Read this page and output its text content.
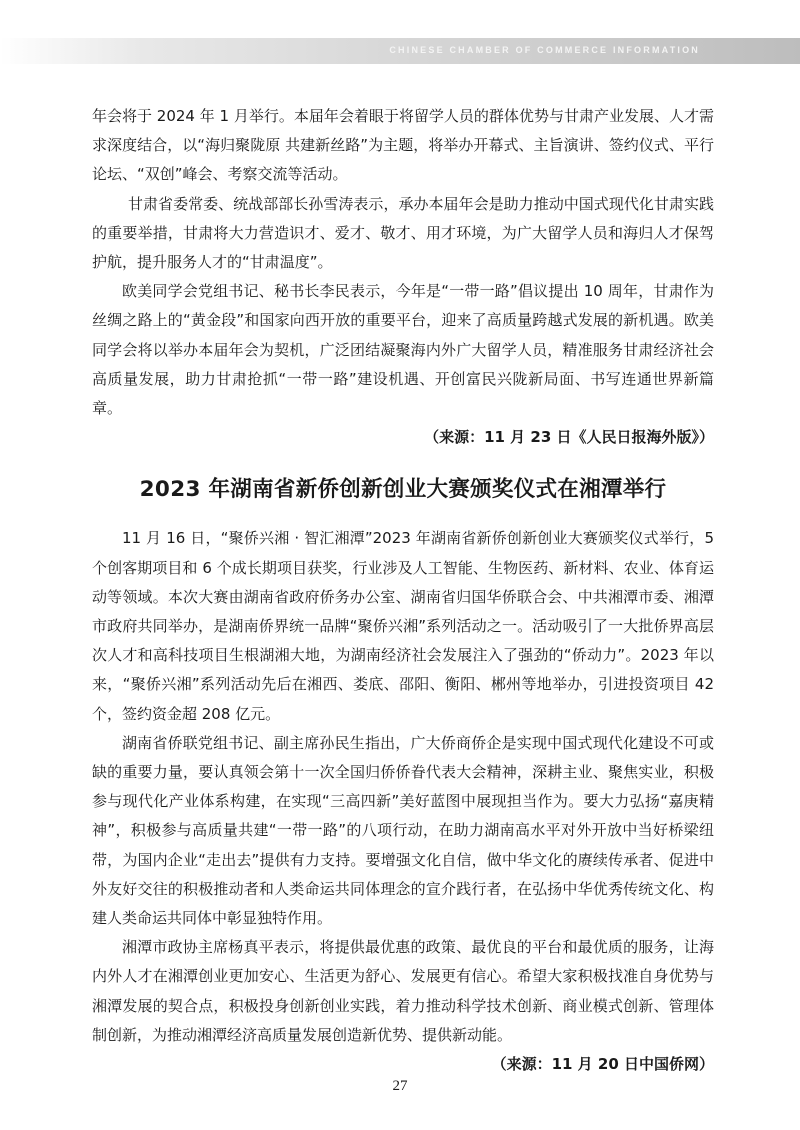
CHINESE CHAMBER OF COMMERCE INFORMATION

年会将于 2024 年 1 月举行。本届年会着眼于将留学人员的群体优势与甘肃产业发展、人才需求深度结合，以“海归聚陇原 共建新丝路”为主题，将举办开幕式、主旨演讲、签约仪式、平行论坛、“双创”峰会、考察交流等活动。

甘肃省委常委、统战部部长孙雪涛表示，承办本届年会是助力推动中国式现代化甘肃实践的重要举措，甘肃将大力营造识才、爱才、敬才、用才环境，为广大留学人员和海归人才保驾护航，提升服务人才的“甘肃温度”。

欧美同学会党组书记、秘书长李民表示，今年是“一带一路”倡议提出 10 周年，甘肃作为丝绸之路上的“黄金段”和国家向西开放的重要平台，迎来了高质量跨越式发展的新机遇。欧美同学会将以举办本届年会为契机，广泛团结凝聚海内外广大留学人员，精准服务甘肃经济社会高质量发展，助力甘肃抢抓“一带一路”建设机遇、开创富民兴陇新局面、书写连通世界新篇章。

（来源：11 月 23 日《人民日报海外版》）
2023 年湖南省新侨创新创业大赛颁奖仪式在湘潭举行

11 月 16 日，“聚侨兴湘 · 智汇湘潭”2023 年湖南省新侨创新创业大赛颁奖仪式举行，5 个创客期项目和 6 个成长期项目获奖，行业涉及人工智能、生物医药、新材料、农业、体育运动等领域。本次大赛由湖南省政府侨务办公室、湖南省归国华侨联合会、中共湘潭市委、湘潭市政府共同举办，是湖南侨界统一品牌“聚侨兴湘”系列活动之一。活动吸引了一大批侨界高层次人才和高科技项目生根湖湘大地，为湖南经济社会发展注入了强劲的“侨动力”。2023 年以来，“聚侨兴湘”系列活动先后在湘西、娄底、邵阳、衡阳、郴州等地举办，引进投资项目 42 个，签约资金超 208 亿元。

湖南省侨联党组书记、副主席孙民生指出，广大侨商侨企是实现中国式现代化建设不可或缺的重要力量，要认真领会第十一次全国归侨侨眷代表大会精神，深耕主业、聚焦实业，积极参与现代化产业体系构建，在实现“三高四新”美好蓝图中展现担当作为。要大力弘扬“嘉庚精神”，积极参与高质量共建“一带一路”的八项行动，在助力湖南高水平对外开放中当好桥梁纽带，为国内企业“走出去”提供有力支持。要增强文化自信，做中华文化的赓续传承者、促进中外友好交往的积极推动者和人类命运共同体理念的宣介践行者，在弘扬中华优秀传统文化、构建人类命运共同体中彰显独特作用。

湘潭市政协主席杨真平表示，将提供最优惠的政策、最优良的平台和最优质的服务，让海内外人才在湘潭创业更加安心、生活更为舒心、发展更有信心。希望大家积极找准自身优势与湘潭发展的契合点，积极投身创新创业实践，着力推动科学技术创新、商业模式创新、管理体制创新，为推动湘潭经济高质量发展创造新优势、提供新动能。

（来源：11 月 20 日中国侨网）
27
